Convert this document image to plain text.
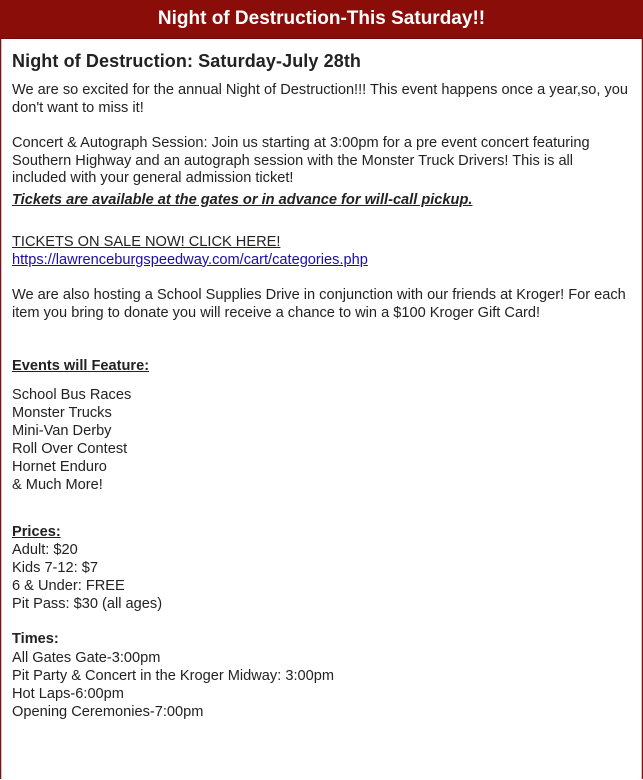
Night of Destruction-This Saturday!!
Night of Destruction: Saturday-July 28th

We are so excited for the annual Night of Destruction!!! This event happens once a year,so, you don't want to miss it!

Concert & Autograph Session: Join us starting at 3:00pm for a pre event concert featuring Southern Highway and an autograph session with the Monster Truck Drivers! This is all included with your general admission ticket!

Tickets are available at the gates or in advance for will-call pickup.

TICKETS ON SALE NOW! CLICK HERE!

https://lawrenceburgspeedway.com/cart/categories.php

We are also hosting a School Supplies Drive in conjunction with our friends at Kroger! For each item you bring to donate you will receive a chance to win a $100 Kroger Gift Card!

Events will Feature:

School Bus Races
Monster Trucks
Mini-Van Derby
Roll Over Contest
Hornet Enduro
& Much More!

Prices:

Adult: $20
Kids 7-12: $7
6 & Under: FREE
Pit Pass: $30 (all ages)

Times:

All Gates Gate-3:00pm
Pit Party & Concert in the Kroger Midway: 3:00pm
Hot Laps-6:00pm
Opening Ceremonies-7:00pm
